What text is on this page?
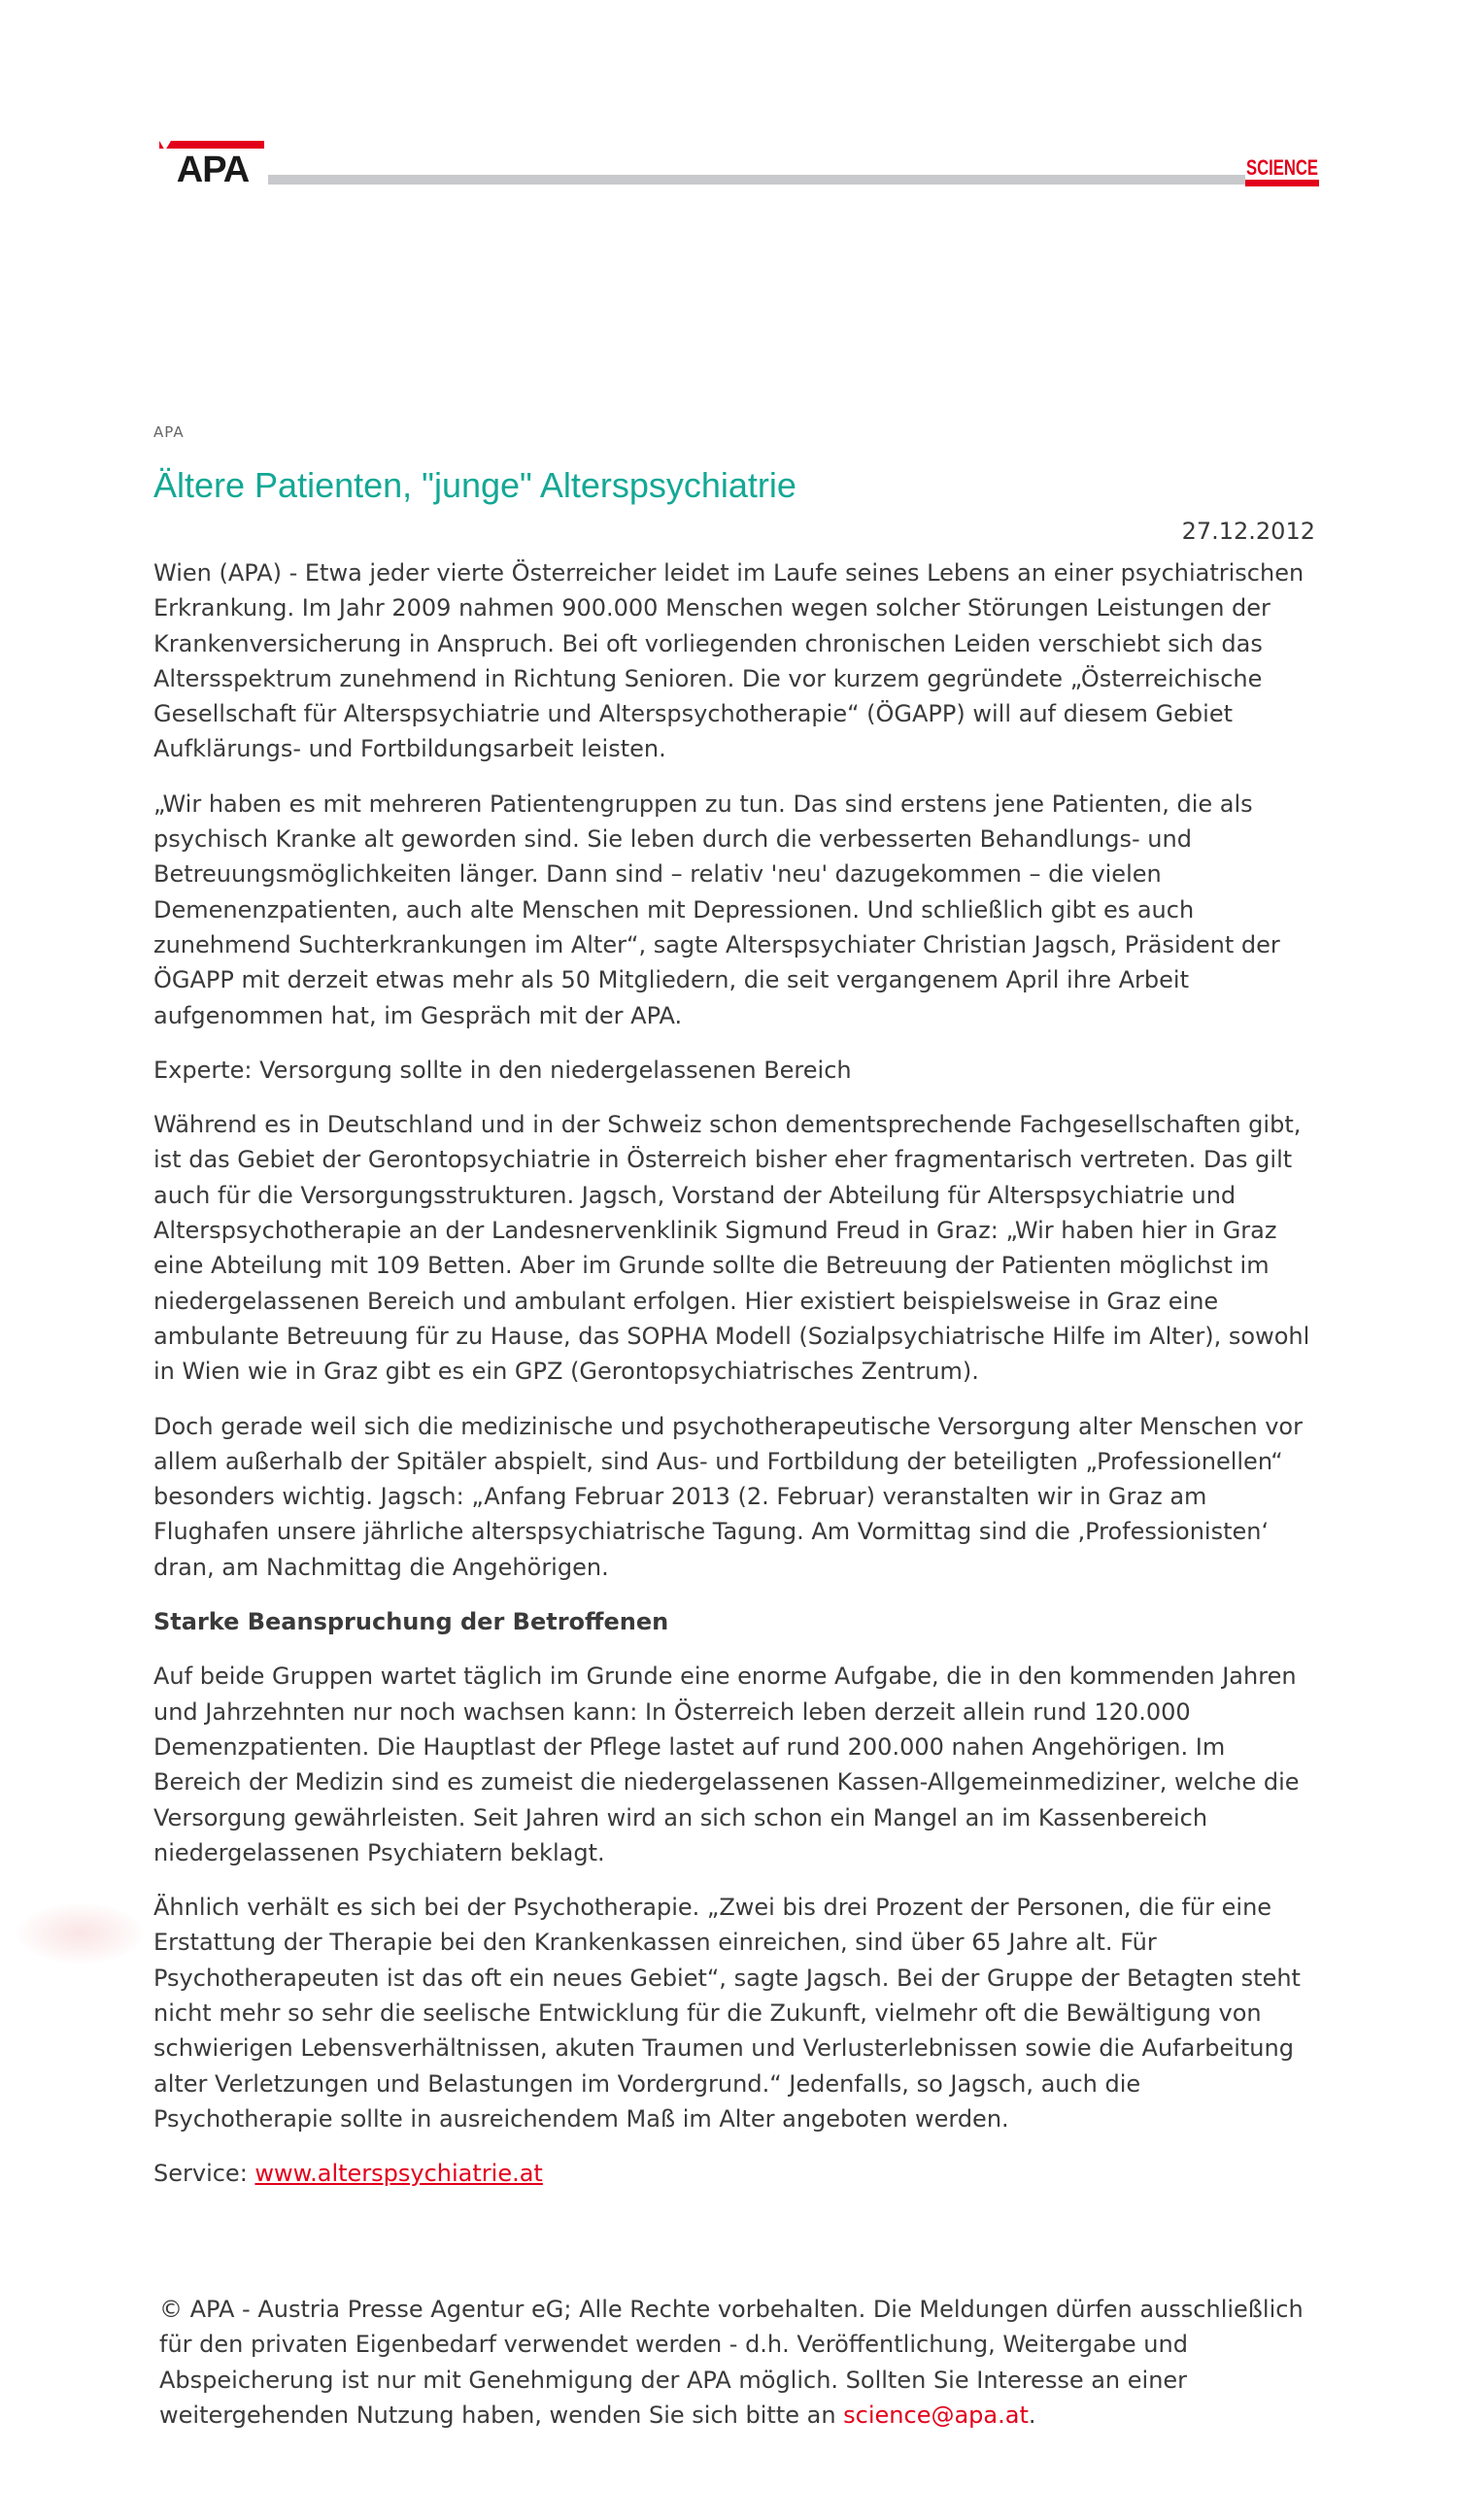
APA	SCIENCE
APA
Ältere Patienten, "junge" Alterspsychiatrie
27.12.2012

Wien (APA) - Etwa jeder vierte Österreicher leidet im Laufe seines Lebens an einer psychiatrischen Erkrankung. Im Jahr 2009 nahmen 900.000 Menschen wegen solcher Störungen Leistungen der Krankenversicherung in Anspruch. Bei oft vorliegenden chronischen Leiden verschiebt sich das Altersspektrum zunehmend in Richtung Senioren. Die vor kurzem gegründete „Österreichische Gesellschaft für Alterspsychiatrie und Alterspsychotherapie“ (ÖGAPP) will auf diesem Gebiet Aufklärungs- und Fortbildungsarbeit leisten.

„Wir haben es mit mehreren Patientengruppen zu tun. Das sind erstens jene Patienten, die als psychisch Kranke alt geworden sind. Sie leben durch die verbesserten Behandlungs- und Betreuungsmöglichkeiten länger. Dann sind – relativ 'neu' dazugekommen – die vielen Demenenzpatienten, auch alte Menschen mit Depressionen. Und schließlich gibt es auch zunehmend Suchterkrankungen im Alter“, sagte Alterspsychiater Christian Jagsch, Präsident der ÖGAPP mit derzeit etwas mehr als 50 Mitgliedern, die seit vergangenem April ihre Arbeit aufgenommen hat, im Gespräch mit der APA.

Experte: Versorgung sollte in den niedergelassenen Bereich

Während es in Deutschland und in der Schweiz schon dementsprechende Fachgesellschaften gibt, ist das Gebiet der Gerontopsychiatrie in Österreich bisher eher fragmentarisch vertreten. Das gilt auch für die Versorgungsstrukturen. Jagsch, Vorstand der Abteilung für Alterspsychiatrie und Alterspsychotherapie an der Landesnervenklinik Sigmund Freud in Graz: „Wir haben hier in Graz eine Abteilung mit 109 Betten. Aber im Grunde sollte die Betreuung der Patienten möglichst im niedergelassenen Bereich und ambulant erfolgen. Hier existiert beispielsweise in Graz eine ambulante Betreuung für zu Hause, das SOPHA Modell (Sozialpsychiatrische Hilfe im Alter), sowohl in Wien wie in Graz gibt es ein GPZ (Gerontopsychiatrisches Zentrum).

Doch gerade weil sich die medizinische und psychotherapeutische Versorgung alter Menschen vor allem außerhalb der Spitäler abspielt, sind Aus- und Fortbildung der beteiligten „Professionellen“ besonders wichtig. Jagsch: „Anfang Februar 2013 (2. Februar) veranstalten wir in Graz am Flughafen unsere jährliche alterspsychiatrische Tagung. Am Vormittag sind die ‚Professionisten‘ dran, am Nachmittag die Angehörigen.

Starke Beanspruchung der Betroffenen

Auf beide Gruppen wartet täglich im Grunde eine enorme Aufgabe, die in den kommenden Jahren und Jahrzehnten nur noch wachsen kann: In Österreich leben derzeit allein rund 120.000 Demenzpatienten. Die Hauptlast der Pflege lastet auf rund 200.000 nahen Angehörigen. Im Bereich der Medizin sind es zumeist die niedergelassenen Kassen-Allgemeinmediziner, welche die Versorgung gewährleisten. Seit Jahren wird an sich schon ein Mangel an im Kassenbereich niedergelassenen Psychiatern beklagt.

Ähnlich verhält es sich bei der Psychotherapie. „Zwei bis drei Prozent der Personen, die für eine Erstattung der Therapie bei den Krankenkassen einreichen, sind über 65 Jahre alt. Für Psychotherapeuten ist das oft ein neues Gebiet“, sagte Jagsch. Bei der Gruppe der Betagten steht nicht mehr so sehr die seelische Entwicklung für die Zukunft, vielmehr oft die Bewältigung von schwierigen Lebensverhältnissen, akuten Traumen und Verlusterlebnissen sowie die Aufarbeitung alter Verletzungen und Belastungen im Vordergrund.“ Jedenfalls, so Jagsch, auch die Psychotherapie sollte in ausreichendem Maß im Alter angeboten werden.

Service: www.alterspsychiatrie.at

© APA - Austria Presse Agentur eG; Alle Rechte vorbehalten. Die Meldungen dürfen ausschließlich für den privaten Eigenbedarf verwendet werden - d.h. Veröffentlichung, Weitergabe und Abspeicherung ist nur mit Genehmigung der APA möglich. Sollten Sie Interesse an einer weitergehenden Nutzung haben, wenden Sie sich bitte an science@apa.at.
